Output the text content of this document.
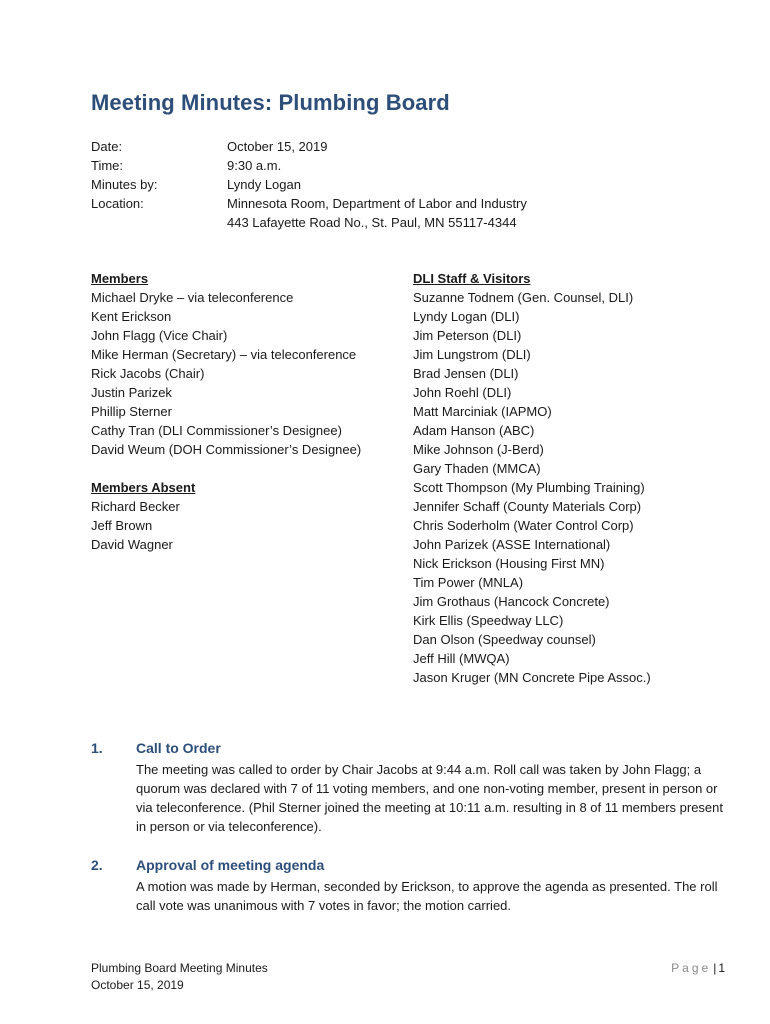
Meeting Minutes: Plumbing Board
Date:	October 15, 2019
Time:	9:30 a.m.
Minutes by:	Lyndy Logan
Location:	Minnesota Room, Department of Labor and Industry
443 Lafayette Road No., St. Paul, MN 55117-4344
Members
Michael Dryke – via teleconference
Kent Erickson
John Flagg (Vice Chair)
Mike Herman (Secretary) – via teleconference
Rick Jacobs (Chair)
Justin Parizek
Phillip Sterner
Cathy Tran (DLI Commissioner’s Designee)
David Weum (DOH Commissioner’s Designee)
Members Absent
Richard Becker
Jeff Brown
David Wagner
DLI Staff & Visitors
Suzanne Todnem (Gen. Counsel, DLI)
Lyndy Logan (DLI)
Jim Peterson (DLI)
Jim Lungstrom (DLI)
Brad Jensen (DLI)
John Roehl (DLI)
Matt Marciniak (IAPMO)
Adam Hanson (ABC)
Mike Johnson (J-Berd)
Gary Thaden (MMCA)
Scott Thompson (My Plumbing Training)
Jennifer Schaff (County Materials Corp)
Chris Soderholm (Water Control Corp)
John Parizek (ASSE International)
Nick Erickson (Housing First MN)
Tim Power (MNLA)
Jim Grothaus (Hancock Concrete)
Kirk Ellis (Speedway LLC)
Dan Olson (Speedway counsel)
Jeff Hill (MWQA)
Jason Kruger (MN Concrete Pipe Assoc.)
1.	Call to Order
The meeting was called to order by Chair Jacobs at 9:44 a.m. Roll call was taken by John Flagg; a quorum was declared with 7 of 11 voting members, and one non-voting member, present in person or via teleconference. (Phil Sterner joined the meeting at 10:11 a.m. resulting in 8 of 11 members present in person or via teleconference).
2.	Approval of meeting agenda
A motion was made by Herman, seconded by Erickson, to approve the agenda as presented. The roll call vote was unanimous with 7 votes in favor; the motion carried.
Plumbing Board Meeting Minutes
October 15, 2019
Page | 1
